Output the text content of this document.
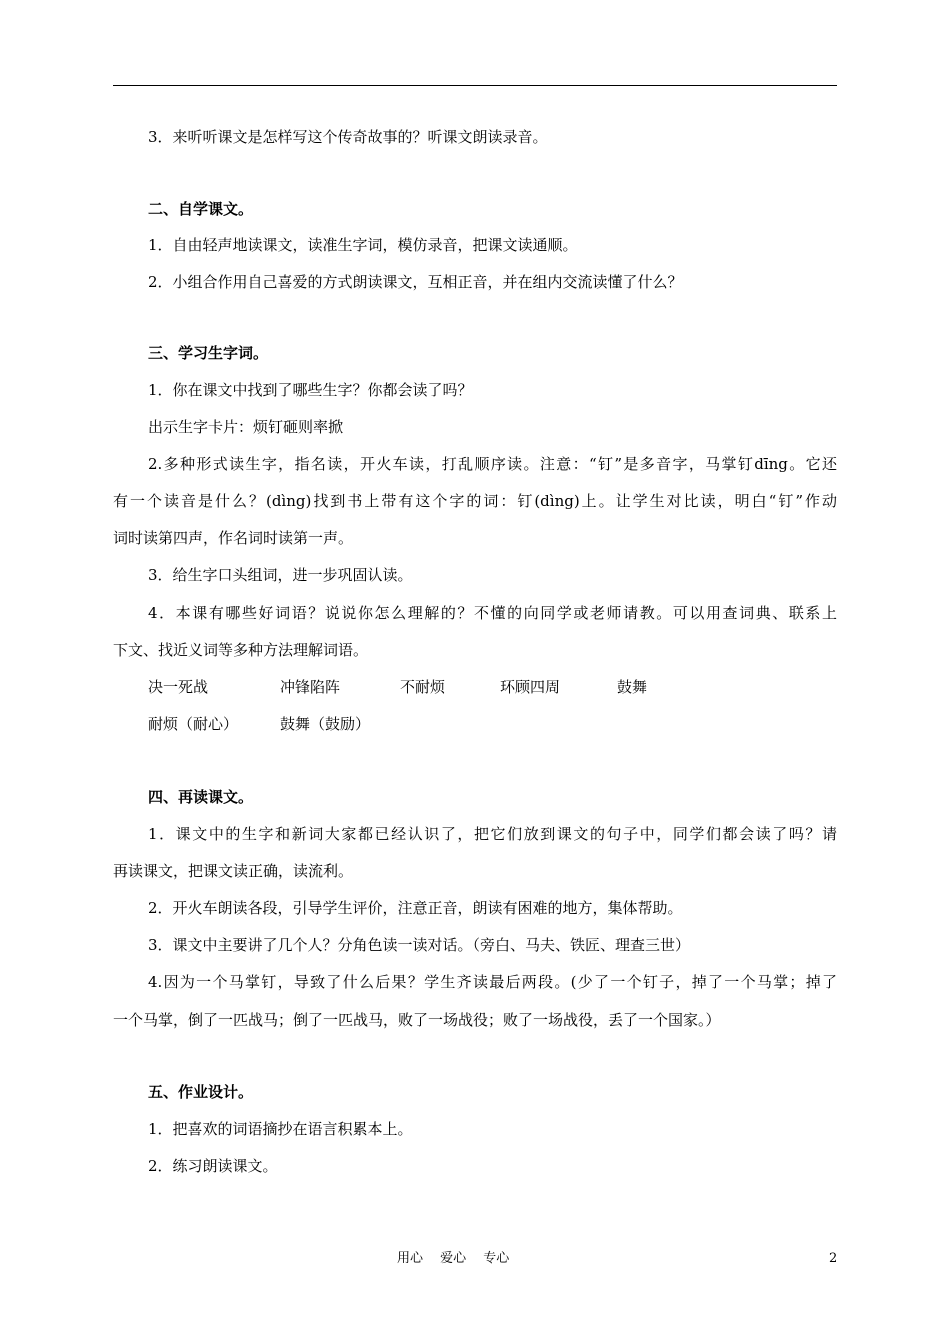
3．来听听课文是怎样写这个传奇故事的？听课文朗读录音。
二、自学课文。
1．自由轻声地读课文，读准生字词，模仿录音，把课文读通顺。
2．小组合作用自己喜爱的方式朗读课文，互相正音，并在组内交流读懂了什么？
三、学习生字词。
1．你在课文中找到了哪些生字？你都会读了吗？
出示生字卡片：烦钉砸则率掀
2.多种形式读生字，指名读，开火车读，打乱顺序读。注意：“钉”是多音字，马掌钉dīng。它还
有一个读音是什么？(dìng)找到书上带有这个字的词：钉(dìng)上。让学生对比读，明白“钉”作动
词时读第四声，作名词时读第一声。
3．给生字口头组词，进一步巩固认读。
4．本课有哪些好词语？说说你怎么理解的？不懂的向同学或老师请教。可以用查词典、联系上
下文、找近义词等多种方法理解词语。
决一死战	冲锋陷阵	不耐烦	环顾四周	鼓舞
耐烦（耐心）	鼓舞（鼓励）
四、再读课文。
1．课文中的生字和新词大家都已经认识了，把它们放到课文的句子中，同学们都会读了吗？请
再读课文，把课文读正确，读流利。
2．开火车朗读各段，引导学生评价，注意正音，朗读有困难的地方，集体帮助。
3．课文中主要讲了几个人？分角色读一读对话。（旁白、马夫、铁匠、理查三世）
4.因为一个马掌钉，导致了什么后果？学生齐读最后两段。(少了一个钉子，掉了一个马掌；掉了
一个马掌，倒了一匹战马；倒了一匹战马，败了一场战役；败了一场战役，丢了一个国家。）
五、作业设计。
1．把喜欢的词语摘抄在语言积累本上。
2．练习朗读课文。
用心　 爱心　 专心	2
